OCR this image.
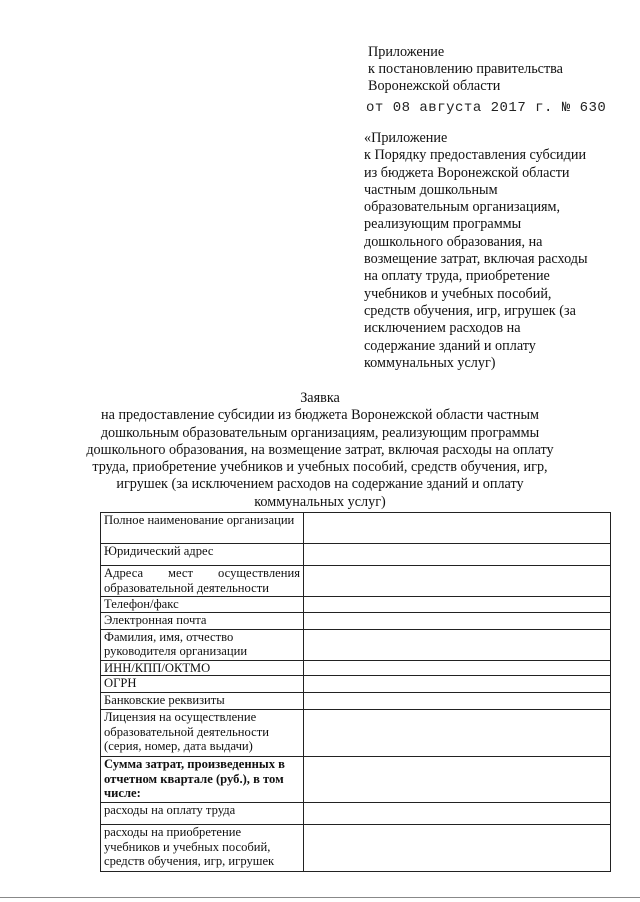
Приложение
к постановлению правительства
Воронежской области
от 08 августа 2017 г. № 630
«Приложение
к Порядку предоставления субсидии
из бюджета Воронежской области
частным дошкольным
образовательным организациям,
реализующим программы
дошкольного образования, на
возмещение затрат, включая расходы
на оплату труда, приобретение
учебников и учебных пособий,
средств обучения, игр, игрушек (за
исключением расходов на
содержание зданий и оплату
коммунальных услуг)
Заявка
на предоставление субсидии из бюджета Воронежской области частным
дошкольным образовательным организациям, реализующим программы
дошкольного образования, на возмещение затрат, включая расходы на оплату
труда, приобретение учебников и учебных пособий, средств обучения, игр,
игрушек (за исключением расходов на содержание зданий и оплату
коммунальных услуг)
Полное наименование организации	
Юридический адрес	
Адреса мест осуществления образовательной деятельности	
Телефон/факс	
Электронная почта	
Фамилия, имя, отчество руководителя организации	
ИНН/КПП/ОКТМО	
ОГРН	
Банковские реквизиты	
Лицензия на осуществление образовательной деятельности (серия, номер, дата выдачи)	
Сумма затрат, произведенных в отчетном квартале (руб.), в том числе:	
расходы на оплату труда	
расходы на приобретение учебников и учебных пособий, средств обучения, игр, игрушек	
